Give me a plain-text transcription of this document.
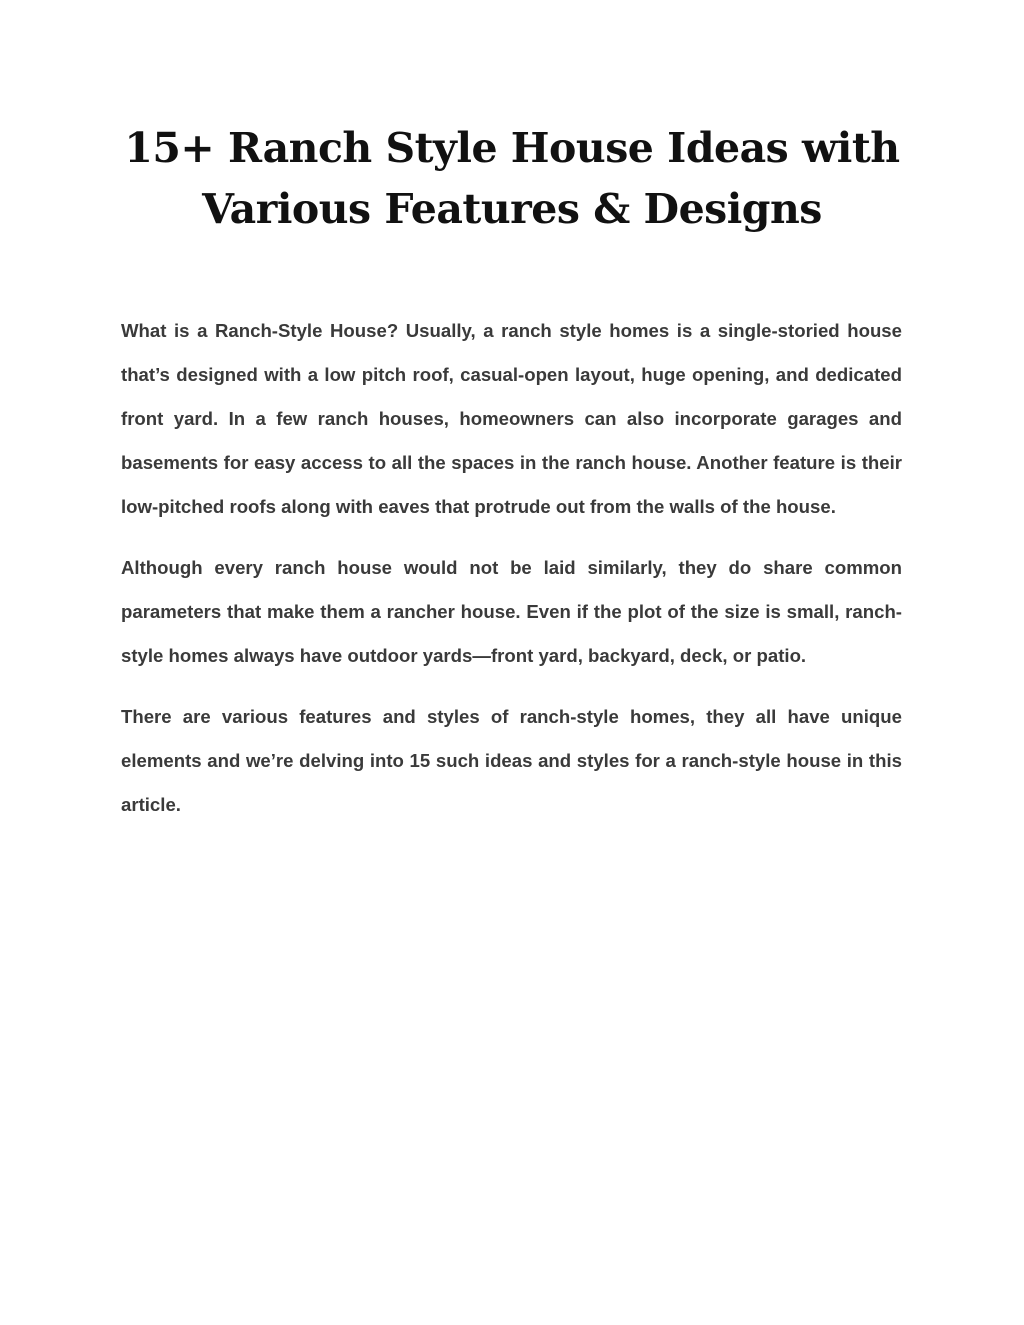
15+ Ranch Style House Ideas with
Various Features & Designs

What is a Ranch-Style House? Usually, a ranch style homes is a single-storied house that’s designed with a low pitch roof, casual-open layout, huge opening, and dedicated front yard. In a few ranch houses, homeowners can also incorporate garages and basements for easy access to all the spaces in the ranch house. Another feature is their low-pitched roofs along with eaves that protrude out from the walls of the house.

Although every ranch house would not be laid similarly, they do share common parameters that make them a rancher house. Even if the plot of the size is small, ranch-style homes always have outdoor yards—front yard, backyard, deck, or patio.

There are various features and styles of ranch-style homes, they all have unique elements and we’re delving into 15 such ideas and styles for a ranch-style house in this article.
